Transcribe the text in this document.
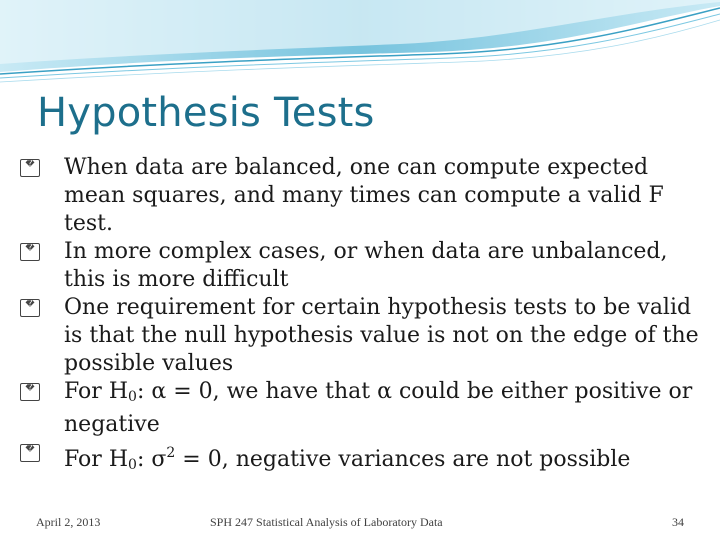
Hypothesis Tests
� When data are balanced, one can compute expected mean squares, and many times can compute a valid F test.
� In more complex cases, or when data are unbalanced, this is more difficult
� One requirement for certain hypothesis tests to be valid is that the null hypothesis value is not on the edge of the possible values
� For $H_0$: α = 0, we have that α could be either positive or negative
� For $H_0$: $\sigma^2 = 0$, negative variances are not possible
April 2, 2013	SPH 247 Statistical Analysis of Laboratory Data	34
